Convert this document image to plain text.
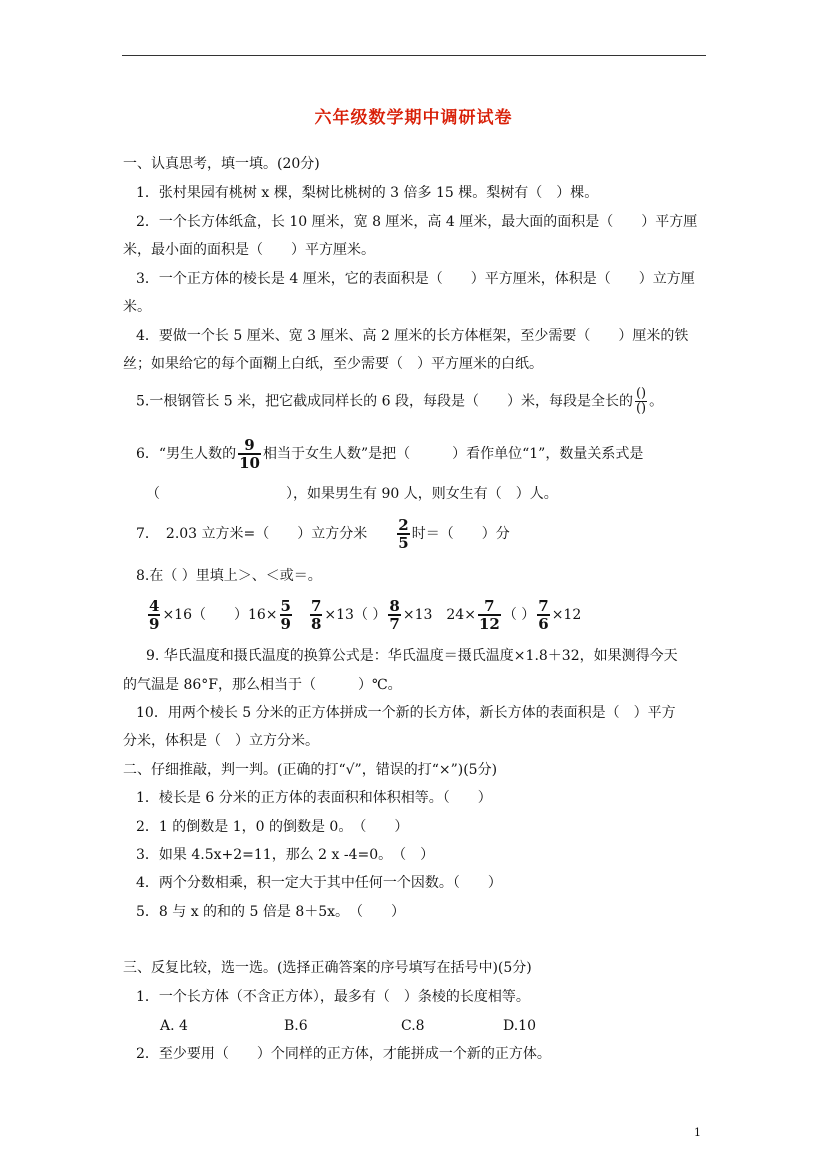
六年级数学期中调研试卷
一、认真思考，填一填。(20分)
1．张村果园有桃树 x 棵，梨树比桃树的 3 倍多 15 棵。梨树有（　）棵。
2．一个长方体纸盒，长 10 厘米，宽 8 厘米，高 4 厘米，最大面的面积是（　　）平方厘
米，最小面的面积是（　　）平方厘米。
3．一个正方体的棱长是 4 厘米，它的表面积是（　　）平方厘米，体积是（　　）立方厘
米。
4．要做一个长 5 厘米、宽 3 厘米、高 2 厘米的长方体框架，至少需要（　　）厘米的铁
丝；如果给它的每个面糊上白纸，至少需要（　）平方厘米的白纸。
5.一根钢管长 5 米，把它截成同样长的 6 段，每段是（　　）米，每段是全长的 $\frac{()}{()}$ 。
6．“男生人数的 $\frac{9}{10}$ 相当于女生人数”是把（　　　）看作单位“1”，数量关系式是
（　　　　　　　　　），如果男生有 90 人，则女生有（　）人。
7．　2.03 立方米=（　　）立方分米　　 $\frac{2}{5}$ 时＝（　　）分
8.在（ ）里填上＞、＜或＝。
$\frac{4}{9} \times 16$（　　）$16\times \frac{5}{9}$
　 $\frac{7}{8} \times 13$（ ） $\frac{8}{7} \times 13$　$24\times \frac{7}{12}$ （ ） $\frac{7}{6} \times 12$
9. 华氏温度和摄氏温度的换算公式是：华氏温度＝摄氏温度×1.8＋32，如果测得今天
的气温是 86°F，那么相当于（　　　）℃。
10．用两个棱长 5 分米的正方体拼成一个新的长方体，新长方体的表面积是（　）平方
分米，体积是（　）立方分米。
二、仔细推敲，判一判。(正确的打“√”，错误的打“×”)(5分)
1．棱长是 6 分米的正方体的表面积和体积相等。（　　）
2．1 的倒数是 1，0 的倒数是 0。　（　　）
3．如果 4.5x+2=11，那么 2 x -4=0。　（　）
4．两个分数相乘，积一定大于其中任何一个因数。（　　）
5．8 与 x 的和的 5 倍是 8＋5x。　（　　）
三、反复比较，选一选。(选择正确答案的序号填写在括号中)(5分)
1．一个长方体（不含正方体），最多有（　）条棱的长度相等。
A. 4	B.6	C.8	D.10
2．至少要用（　　）个同样的正方体，才能拼成一个新的正方体。
1
